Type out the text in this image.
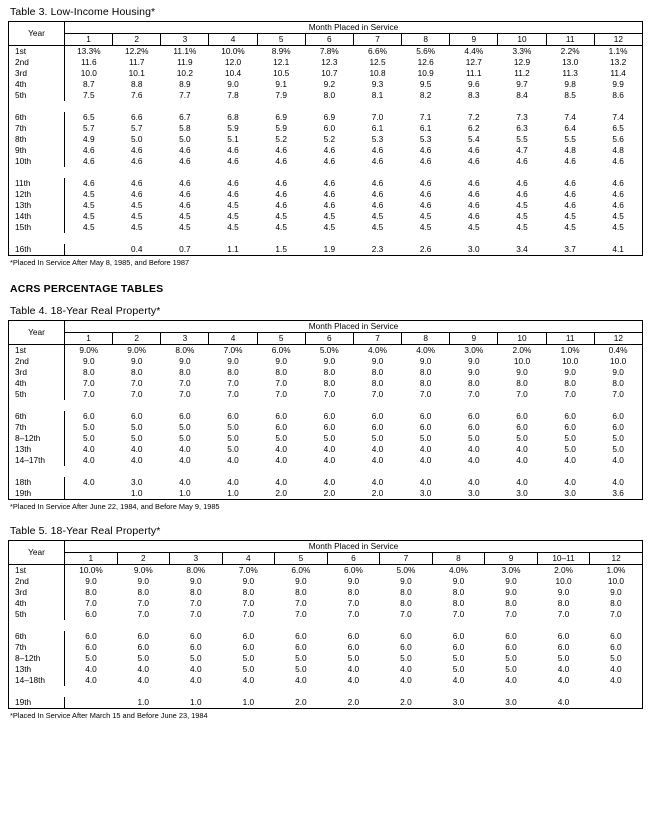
Table 3. Low-Income Housing*
Year	Month Placed in Service											
	1	2	3	4	5	6	7	8	9	10	11	12
1st	13.3%	12.2%	11.1%	10.0%	8.9%	7.8%	6.6%	5.6%	4.4%	3.3%	2.2%	1.1%
2nd	11.6	11.7	11.9	12.0	12.1	12.3	12.5	12.6	12.7	12.9	13.0	13.2
3rd	10.0	10.1	10.2	10.4	10.5	10.7	10.8	10.9	11.1	11.2	11.3	11.4
4th	8.7	8.8	8.9	9.0	9.1	9.2	9.3	9.5	9.6	9.7	9.8	9.9
5th	7.5	7.6	7.7	7.8	7.9	8.0	8.1	8.2	8.3	8.4	8.5	8.6

6th	6.5	6.6	6.7	6.8	6.9	6.9	7.0	7.1	7.2	7.3	7.4	7.4
7th	5.7	5.7	5.8	5.9	5.9	6.0	6.1	6.1	6.2	6.3	6.4	6.5
8th	4.9	5.0	5.0	5.1	5.2	5.2	5.3	5.3	5.4	5.5	5.5	5.6
9th	4.6	4.6	4.6	4.6	4.6	4.6	4.6	4.6	4.6	4.7	4.8	4.8
10th	4.6	4.6	4.6	4.6	4.6	4.6	4.6	4.6	4.6	4.6	4.6	4.6

11th	4.6	4.6	4.6	4.6	4.6	4.6	4.6	4.6	4.6	4.6	4.6	4.6
12th	4.5	4.6	4.6	4.6	4.6	4.6	4.6	4.6	4.6	4.6	4.6	4.6
13th	4.5	4.5	4.6	4.5	4.6	4.6	4.6	4.6	4.6	4.5	4.6	4.6
14th	4.5	4.5	4.5	4.5	4.5	4.5	4.5	4.5	4.6	4.5	4.5	4.5
15th	4.5	4.5	4.5	4.5	4.5	4.5	4.5	4.5	4.5	4.5	4.5	4.5

16th		0.4	0.7	1.1	1.5	1.9	2.3	2.6	3.0	3.4	3.7	4.1
*Placed In Service After May 8, 1985, and Before 1987
ACRS PERCENTAGE TABLES
Table 4. 18-Year Real Property*
Year	Month Placed in Service											
	1	2	3	4	5	6	7	8	9	10	11	12
1st	9.0%	9.0%	8.0%	7.0%	6.0%	5.0%	4.0%	4.0%	3.0%	2.0%	1.0%	0.4%
2nd	9.0	9.0	9.0	9.0	9.0	9.0	9.0	9.0	9.0	10.0	10.0	10.0
3rd	8.0	8.0	8.0	8.0	8.0	8.0	8.0	8.0	9.0	9.0	9.0	9.0
4th	7.0	7.0	7.0	7.0	7.0	8.0	8.0	8.0	8.0	8.0	8.0	8.0
5th	7.0	7.0	7.0	7.0	7.0	7.0	7.0	7.0	7.0	7.0	7.0	7.0

6th	6.0	6.0	6.0	6.0	6.0	6.0	6.0	6.0	6.0	6.0	6.0	6.0
7th	5.0	5.0	5.0	5.0	6.0	6.0	6.0	6.0	6.0	6.0	6.0	6.0
8–12th	5.0	5.0	5.0	5.0	5.0	5.0	5.0	5.0	5.0	5.0	5.0	5.0
13th	4.0	4.0	4.0	5.0	4.0	4.0	4.0	4.0	4.0	4.0	5.0	5.0
14–17th	4.0	4.0	4.0	4.0	4.0	4.0	4.0	4.0	4.0	4.0	4.0	4.0

18th	4.0	3.0	4.0	4.0	4.0	4.0	4.0	4.0	4.0	4.0	4.0	4.0
19th		1.0	1.0	1.0	2.0	2.0	2.0	3.0	3.0	3.0	3.0	3.6
*Placed In Service After June 22, 1984, and Before May 9, 1985
Table 5. 18-Year Real Property*
Year	Month Placed in Service										
	1	2	3	4	5	6	7	8	9	10–11	12
1st	10.0%	9.0%	8.0%	7.0%	6.0%	6.0%	5.0%	4.0%	3.0%	2.0%	1.0%
2nd	9.0	9.0	9.0	9.0	9.0	9.0	9.0	9.0	9.0	10.0	10.0
3rd	8.0	8.0	8.0	8.0	8.0	8.0	8.0	8.0	9.0	9.0	9.0
4th	7.0	7.0	7.0	7.0	7.0	7.0	8.0	8.0	8.0	8.0	8.0
5th	6.0	7.0	7.0	7.0	7.0	7.0	7.0	7.0	7.0	7.0	7.0

6th	6.0	6.0	6.0	6.0	6.0	6.0	6.0	6.0	6.0	6.0	6.0
7th	6.0	6.0	6.0	6.0	6.0	6.0	6.0	6.0	6.0	6.0	6.0
8–12th	5.0	5.0	5.0	5.0	5.0	5.0	5.0	5.0	5.0	5.0	5.0
13th	4.0	4.0	4.0	5.0	5.0	4.0	4.0	5.0	5.0	4.0	4.0
14–18th	4.0	4.0	4.0	4.0	4.0	4.0	4.0	4.0	4.0	4.0	4.0

19th		1.0	1.0	1.0	2.0	2.0	2.0	3.0	3.0	4.0	
*Placed In Service After March 15 and Before June 23, 1984
